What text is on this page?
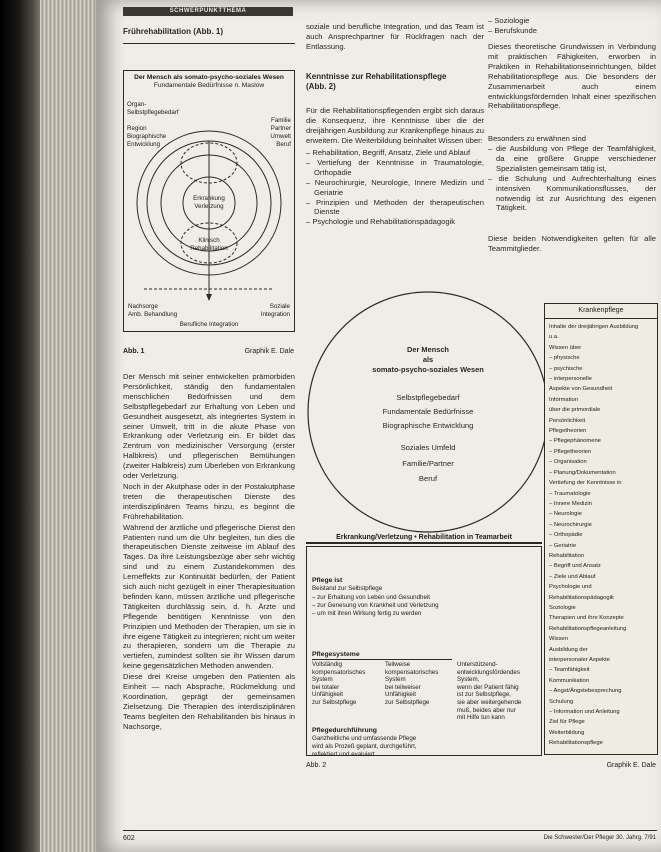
SCHWERPUNKTTHEMA
Frührehabilitation (Abb. 1)
Der Mensch als somato-psycho-soziales Wesen
Fundamentale Bedürfnisse n. Maslow
Organ-
Selbstpflegebedarf
Region
Biographische
Entwicklung
Familie
Partner
Umwelt
Beruf
Erkrankung
Verletzung
Klinisch
Rehabilitation
Nachsorge
Amb. Behandlung
Soziale
Integration
Berufliche Integration
Abb. 1	Graphik E. Dale

Der Mensch mit seiner entwickelten prämorbiden Persönlichkeit, ständig den fundamentalen menschlichen Bedürfnissen und dem Selbstpflegebedarf zur Erhaltung von Leben und Gesundheit ausgesetzt, als integriertes System in seiner Umwelt, tritt in die akute Phase von Erkrankung oder Verletzung ein. Er bildet das Zentrum von medizinischer Versorgung (erster Halbkreis) und pflegerischen Bemühungen (zweiter Halbkreis) zum Überleben von Erkrankung oder Verletzung.

Noch in der Akutphase oder in der Postakutphase treten die therapeutischen Dienste des interdisziplinären Teams hinzu, es beginnt die Frührehabilitation.

Während der ärztliche und pflegerische Dienst den Patienten rund um die Uhr begleiten, tun dies die therapeutischen Dienste zeitweise im Ablauf des Tages. Da ihre Leistungsbezüge aber sehr wichtig sind und zu einem Zustandekommen des Lerneffekts zur Kontinuität bedürfen, der Patient sich auch nicht gezügelt in einer Therapiesituation befinden kann, müssen ärztliche und pflegerische Tätigkeiten durchlässig sein, d. h. Ärzte und Pflegende benötigen Kenntnisse von den Prinzipien und Methoden der Therapien, um sie in ihre eigene Tätigkeit zu integrieren; nicht um weiter zu therapieren, sondern um die Therapie zu vertiefen, zumindest sollten sie ihr Wissen darum keine gegensätzlichen Methoden anwenden.

Diese drei Kreise umgeben den Patienten als Einheit — nach Absprache, Rückmeldung und Koordination, geprägt der gemeinsamen Zielsetzung. Die Therapien des interdisziplinären Teams begleiten den Rehabilitanden bis hinaus in Nachsorge,

soziale und berufliche Integration, und das Team ist auch Ansprechpartner für Rückfragen nach der Entlassung.
Kenntnisse zur Rehabilitationspflege
(Abb. 2)
Für die Rehabilitationspflegenden ergibt sich daraus die Konsequenz, ihre Kenntnisse über die der dreijährigen Ausbildung zur Krankenpflege hinaus zu erweitern. Die Weiterbildung beinhaltet Wissen über:
– Rehabilitation, Begriff, Ansatz, Ziele und Ablauf
– Vertiefung der Kenntnisse in Traumatologie, Orthopädie
– Neurochirurgie, Neurologie, Innere Medizin und Geriatrie
– Prinzipien und Methoden der therapeutischen Dienste
– Psychologie und Rehabilitationspädagogik
– Soziologie
– Berufskunde
Dieses theoretische Grundwissen in Verbindung mit praktischen Fähigkeiten, erworben in Praktiken in Rehabilitationseinrichtungen, bildet Rehabilitationspflege aus. Die besonders der Zusammenarbeit auch einem entwicklungsfördernden Inhalt einer spezifischen Rehabilitationspflege.
Besonders zu erwähnen sind
– die Ausbildung von Pflege der Teamfähigkeit, da eine größere Gruppe verschiedener Spezialisten gemeinsam tätig ist,
– die Schulung und Aufrechterhaltung eines intensiven Kommunikationsflusses, der notwendig ist zur Ausrichtung des eigenen Tätigkeit.
Diese beiden Notwendigkeiten gelten für alle Teammitglieder.
Der Mensch
als
somato-psycho-soziales Wesen
Selbstpflegebedarf
Fundamentale Bedürfnisse
Biographische Entwicklung
Soziales Umfeld
Familie/Partner
Beruf
Erkrankung/Verletzung • Rehabilitation in Teamarbeit
Pflege ist
Beistand zur Selbstpflege
– zur Erhaltung von Leben und Gesundheit
– zur Genesung von Krankheit und Verletzung
– um mit ihren Wirkung fertig zu werden
Pflegesysteme
Vollständig
kompensatorisches
System
bei totaler
Unfähigkeit
zur Selbstpflege
Teilweise
kompensatorisches
System
bei teilweiser
Unfähigkeit
zur Selbstpflege
Unterstützend-
entwicklungsfördendes
System,
wenn der Patient fähig
ist zur Selbstpflege,
sie aber weitergehende
muß, beides aber nur
mit Hilfe tun kann
Pflegedurchführung
Ganzheitliche und umfassende Pflege
wird als Prozeß geplant, durchgeführt,
reflektiert und evaluiert
Krankenpflege
Inhalte der dreijährigen Ausbildung
u.a.
Wissen über
– physische
– psychische
– interpersonelle
Aspekte von Gesundheit
Information
über die primordiale
Persönlichkeit
Pflegetheorien
– Pflegephänomene
– Pflegetheorien
– Organisation
– Planung/Dokumentation
Vertiefung der Kenntnisse in
– Traumatologie
– Innere Medizin
– Neurologie
– Neurochirurgie
– Orthopädie
– Geriatrie
Rehabilitation
– Begriff und Ansatz
– Ziele und Ablauf
Psychologie und
Rehabilitationspädagogik
Soziologie
Therapien und ihre Konzepte
Rehabilitationspflegeanleitung
Wissen
Ausbildung der
interpersonaler Aspekte
– Teamfähigkeit
Kommunikation
– Angst/Ängstebesprechung
Schulung
– Information und Anleitung
Ziel für Pflege
Weiterbildung
Rehabilitationspflege
Abb. 2	Graphik E. Dale
602	Die Schwester/Der Pfleger 30. Jahrg. 7/91
